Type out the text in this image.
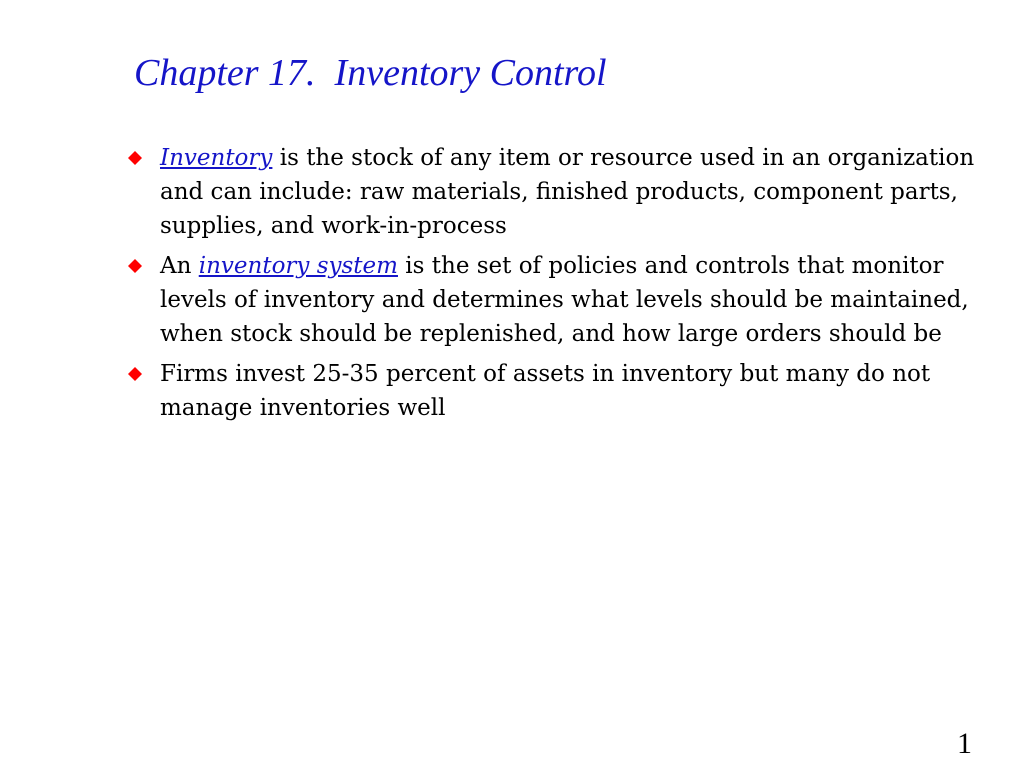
Chapter 17.  Inventory Control
Inventory is the stock of any item or resource used in an organization and can include: raw materials, finished products, component parts, supplies, and work-in-process
An inventory system is the set of policies and controls that monitor levels of inventory and determines what levels should be maintained, when stock should be replenished, and how large orders should be
Firms invest 25-35 percent of assets in inventory but many do not manage inventories well
1
